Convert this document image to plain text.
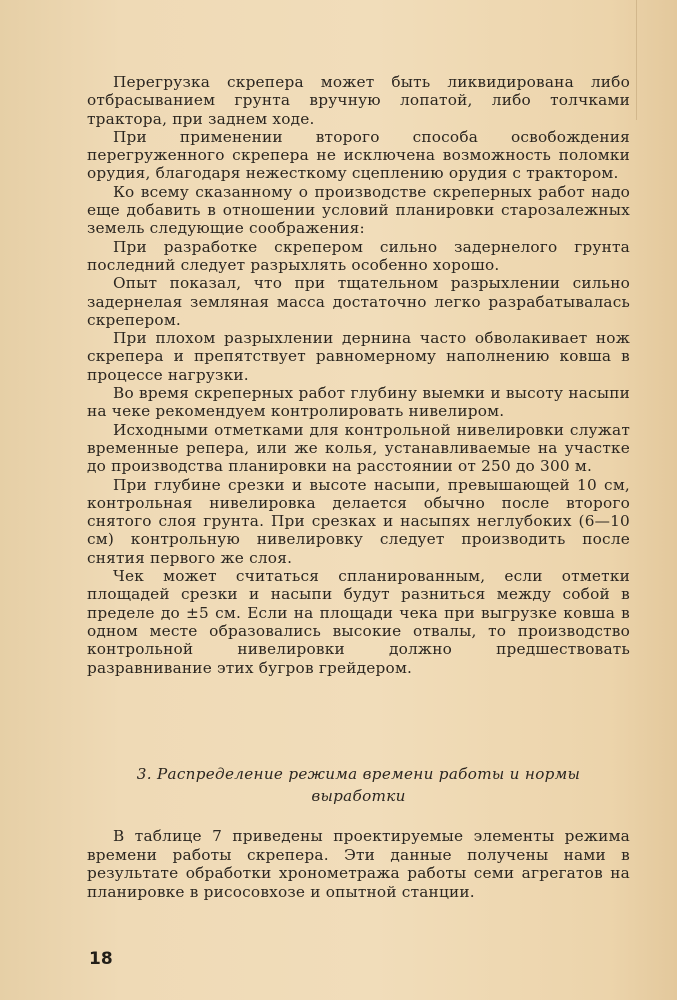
Перегрузка скрепера может быть ликвидирована либо отбрасыванием грунта вручную лопатой, либо толчками трактора, при заднем ходе.

При применении второго способа освобождения перегруженного скрепера не исключена возможность поломки орудия, благодаря нежесткому сцеплению орудия с трактором.

Ко всему сказанному о производстве скреперных работ надо еще добавить в отношении условий планировки старозалежных земель следующие соображения:

При разработке скрепером сильно задернелого грунта последний следует разрыхлять особенно хорошо.

Опыт показал, что при тщательном разрыхлении сильно задернелая земляная масса достаточно легко разрабатывалась скрепером.

При плохом разрыхлении дернина часто обволакивает нож скрепера и препятствует равномерному наполнению ковша в процессе нагрузки.

Во время скреперных работ глубину выемки и высоту насыпи на чеке рекомендуем контролировать нивелиром.

Исходными отметками для контрольной нивелировки служат временные репера, или же колья, устанавливаемые на участке до производства планировки на расстоянии от 250 до 300 м.

При глубине срезки и высоте насыпи, превышающей 10 см, контрольная нивелировка делается обычно после второго снятого слоя грунта. При срезках и насыпях неглубоких (6—10 см) контрольную нивелировку следует производить после снятия первого же слоя.

Чек может считаться спланированным, если отметки площадей срезки и насыпи будут разниться между собой в пределе до ±5 см. Если на площади чека при выгрузке ковша в одном месте образовались высокие отвалы, то производство контрольной нивелировки должно предшествовать разравнивание этих бугров грейдером.

3. Распределение режима времени работы и нормы
выработки

В таблице 7 приведены проектируемые элементы режима времени работы скрепера. Эти данные получены нами в результате обработки хронометража работы семи агрегатов на планировке в рисосовхозе и опытной станции.

18
